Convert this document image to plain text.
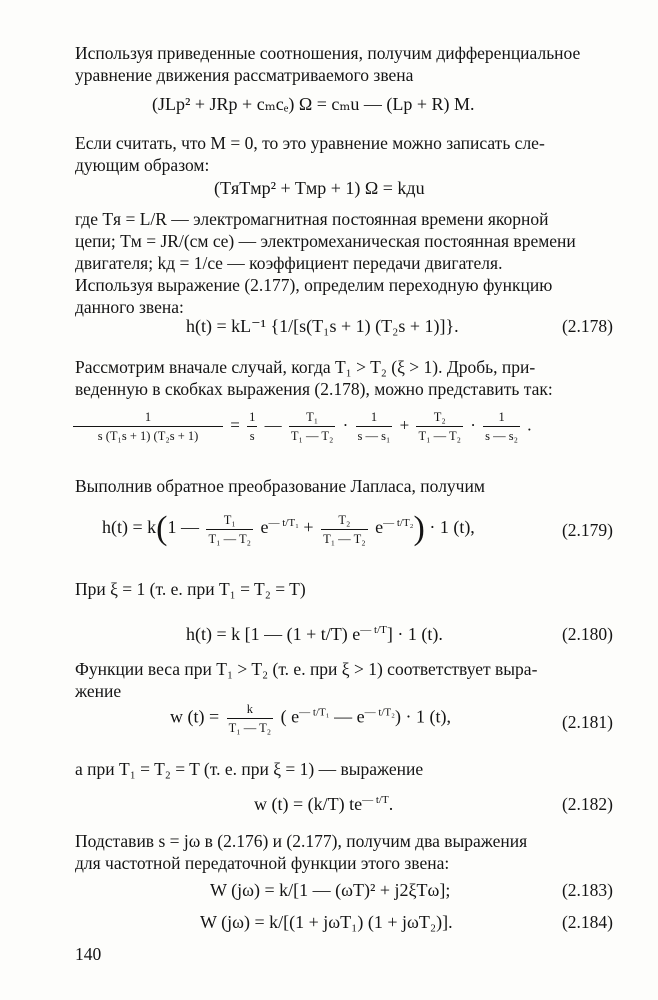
Используя приведенные соотношения, получим дифференциальное
уравнение движения рассматриваемого звена
(JLp² + JRp + cₘcₑ) Ω = cₘu — (Lp + R) M.
Если считать, что M = 0, то это уравнение можно записать сле-
дующим образом:
(TяTмp² + Tмp + 1) Ω = kдu
где Tя = L/R — электромагнитная постоянная времени якорной
цепи; Tм = JR/(cм cе) — электромеханическая постоянная времени
двигателя; kд = 1/cе — коэффициент передачи двигателя.
Используя выражение (2.177), определим переходную функцию
данного звена:
h(t) = kL⁻¹ {1/[s(T₁s + 1) (T₂s + 1)]}.	(2.178)
Рассмотрим вначале случай, когда T₁ > T₂ (ξ > 1). Дробь, при-
веденную в скобках выражения (2.178), можно представить так:
$\frac{1}{\text{s (T₁s + 1) (T₂s + 1)}} = \frac{1}{s}$ — $\frac{\text{T₁}}{\text{T₁ — T₂}} \cdot \frac{1}{\text{s — s₁}} + \frac{\text{T₂}}{\text{T₁ — T₂}} \cdot \frac{1}{\text{s — s₂}}$ .
Выполнив обратное преобразование Лапласа, получим
h(t) = k(1 — $\frac{\text{T₁}}{\text{T₁ — T₂}} e^{— t/T_1} + \frac{\text{T₂}}{\text{T₁ — T₂}} e^{— t/T_2}) \cdot 1$ (t),	(2.179)
При ξ = 1 (т. е. при T₁ = T₂ = T)
h(t) = k [1 — (1 + t/T) $e^{— t/T}] \cdot 1$ (t).	(2.180)
Функции веса при T₁ > T₂ (т. е. при ξ > 1) соответствует выра-
жение
w $(t) = \frac{k}{\text{T₁ — T₂}}$ ( $e^{— t/T_1}$ — $e^{— t/T_2}) \cdot 1$ (t),	(2.181)
а при T₁ = T₂ = T (т. е. при ξ = 1) — выражение
w (t) = (k/T) $te^{— t/T}$.	(2.182)
Подставив s = jω в (2.176) и (2.177), получим два выражения
для частотной передаточной функции этого звена:
W (jω) = k/[1 — (ωT)² + j2ξTω];	(2.183)
W (jω) = k/[(1 + jωT₁) (1 + jωT₂)].	(2.184)
140
